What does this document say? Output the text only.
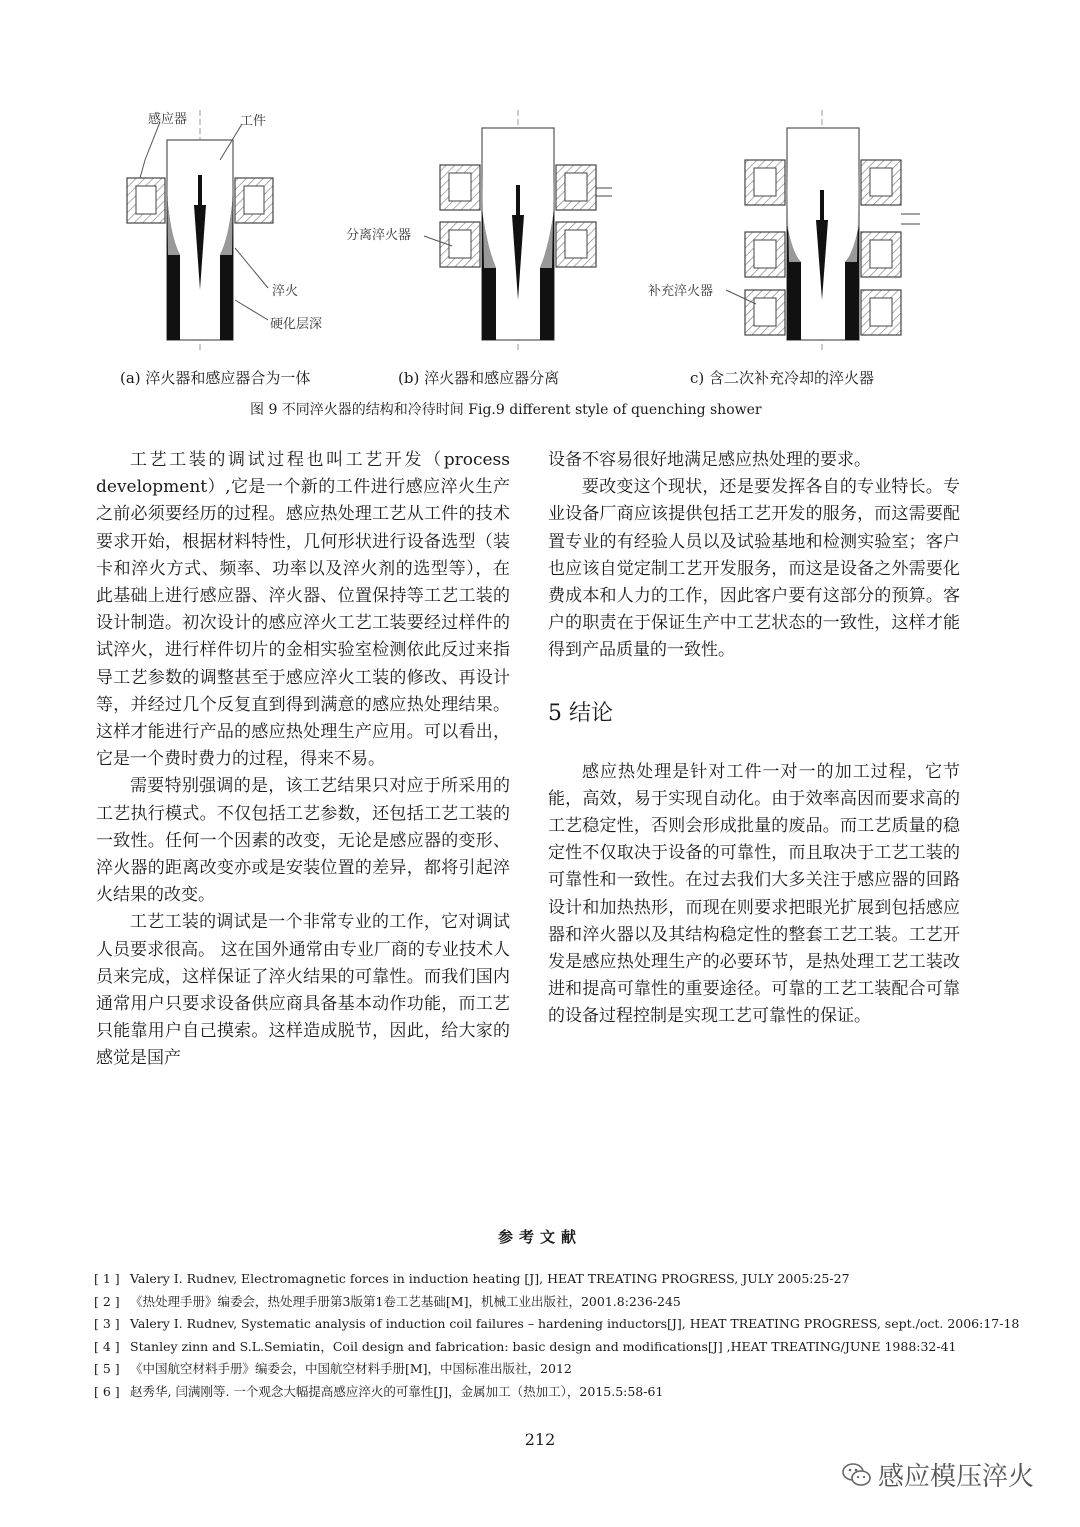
感应器	工件
淬火
硬化层深
分离淬火器
补充淬火器
(a) 淬火器和感应器合为一体	(b) 淬火器和感应器分离	c) 含二次补充冷却的淬火器
图 9 不同淬火器的结构和冷待时间 Fig.9 different style of quenching shower

工艺工装的调试过程也叫工艺开发（process development）,它是一个新的工件进行感应淬火生产之前必须要经历的过程。感应热处理工艺从工件的技术要求开始，根据材料特性，几何形状进行设备选型（装卡和淬火方式、频率、功率以及淬火剂的选型等），在此基础上进行感应器、淬火器、位置保持等工艺工装的设计制造。初次设计的感应淬火工艺工装要经过样件的试淬火，进行样件切片的金相实验室检测依此反过来指导工艺参数的调整甚至于感应淬火工装的修改、再设计等，并经过几个反复直到得到满意的感应热处理结果。这样才能进行产品的感应热处理生产应用。可以看出，它是一个费时费力的过程，得来不易。

需要特别强调的是，该工艺结果只对应于所采用的工艺执行模式。不仅包括工艺参数，还包括工艺工装的一致性。任何一个因素的改变，无论是感应器的变形、淬火器的距离改变亦或是安装位置的差异，都将引起淬火结果的改变。

工艺工装的调试是一个非常专业的工作，它对调试人员要求很高。 这在国外通常由专业厂商的专业技术人员来完成，这样保证了淬火结果的可靠性。而我们国内通常用户只要求设备供应商具备基本动作功能，而工艺只能靠用户自己摸索。这样造成脱节，因此，给大家的感觉是国产

设备不容易很好地满足感应热处理的要求。

要改变这个现状，还是要发挥各自的专业特长。专业设备厂商应该提供包括工艺开发的服务，而这需要配置专业的有经验人员以及试验基地和检测实验室；客户也应该自觉定制工艺开发服务，而这是设备之外需要化费成本和人力的工作，因此客户要有这部分的预算。客户的职责在于保证生产中工艺状态的一致性，这样才能得到产品质量的一致性。

5 结论

感应热处理是针对工件一对一的加工过程，它节能，高效，易于实现自动化。由于效率高因而要求高的工艺稳定性，否则会形成批量的废品。而工艺质量的稳定性不仅取决于设备的可靠性，而且取决于工艺工装的可靠性和一致性。在过去我们大多关注于感应器的回路设计和加热热形，而现在则要求把眼光扩展到包括感应器和淬火器以及其结构稳定性的整套工艺工装。工艺开发是感应热处理生产的必要环节，是热处理工艺工装改进和提高可靠性的重要途径。可靠的工艺工装配合可靠的设备过程控制是实现工艺可靠性的保证。

参考文献
[ 1 ] Valery I. Rudnev, Electromagnetic forces in induction heating [J], HEAT TREATING PROGRESS, JULY 2005:25-27
[ 2 ] 《热处理手册》编委会，热处理手册第3版第1卷工艺基础[M]，机械工业出版社，2001.8:236-245
[ 3 ] Valery I. Rudnev, Systematic analysis of induction coil failures – hardening inductors[J], HEAT TREATING PROGRESS, sept./oct. 2006:17-18
[ 4 ] Stanley zinn and S.L.Semiatin，Coil design and fabrication: basic design and modifications[J] ,HEAT TREATING/JUNE 1988:32-41
[ 5 ] 《中国航空材料手册》编委会，中国航空材料手册[M]，中国标准出版社，2012
[ 6 ] 赵秀华, 闫满刚等. 一个观念大幅提高感应淬火的可靠性[J]，金属加工（热加工），2015.5:58-61
212
感应模压淬火
